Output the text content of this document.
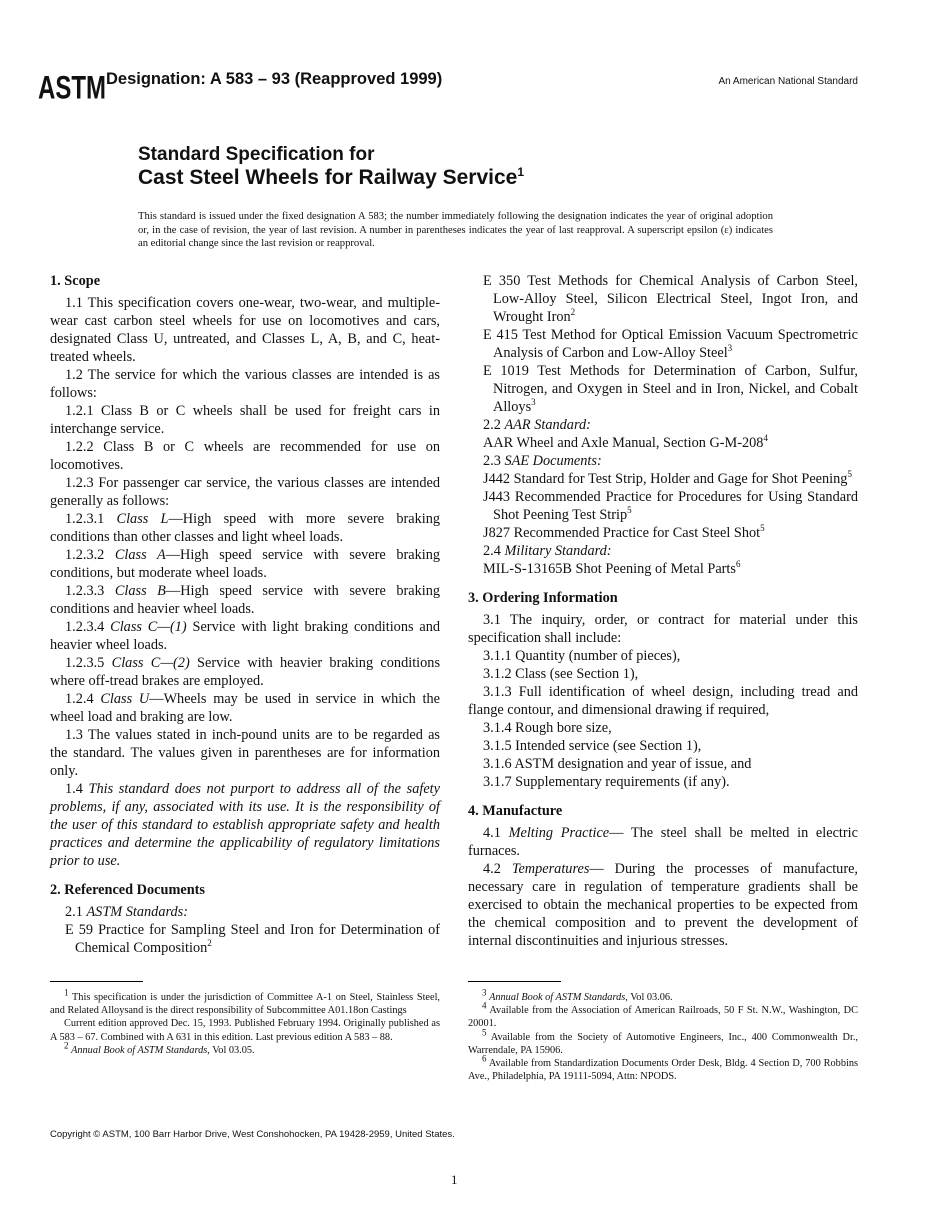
ASTM Designation: A 583 – 93 (Reapproved 1999)	An American National Standard
Standard Specification for
Cast Steel Wheels for Railway Service$^1$
This standard is issued under the fixed designation A 583; the number immediately following the designation indicates the year of original adoption or, in the case of revision, the year of last revision. A number in parentheses indicates the year of last reapproval. A superscript epsilon (ε) indicates an editorial change since the last revision or reapproval.

1. Scope

1.1 This specification covers one-wear, two-wear, and multiple-wear cast carbon steel wheels for use on locomotives and cars, designated Class U, untreated, and Classes L, A, B, and C, heat-treated wheels.

1.2 The service for which the various classes are intended is as follows:

1.2.1 Class B or C wheels shall be used for freight cars in interchange service.

1.2.2 Class B or C wheels are recommended for use on locomotives.

1.2.3 For passenger car service, the various classes are intended generally as follows:

1.2.3.1 Class L—High speed with more severe braking conditions than other classes and light wheel loads.

1.2.3.2 Class A—High speed service with severe braking conditions, but moderate wheel loads.

1.2.3.3 Class B—High speed service with severe braking conditions and heavier wheel loads.

1.2.3.4 Class C—(1) Service with light braking conditions and heavier wheel loads.

1.2.3.5 Class C—(2) Service with heavier braking conditions where off-tread brakes are employed.

1.2.4 Class U—Wheels may be used in service in which the wheel load and braking are low.

1.3 The values stated in inch-pound units are to be regarded as the standard. The values given in parentheses are for information only.

1.4 This standard does not purport to address all of the safety problems, if any, associated with its use. It is the responsibility of the user of this standard to establish appropriate safety and health practices and determine the applicability of regulatory limitations prior to use.

2. Referenced Documents

2.1 ASTM Standards:

E 59 Practice for Sampling Steel and Iron for Determination of Chemical Composition$^2$

E 350 Test Methods for Chemical Analysis of Carbon Steel, Low-Alloy Steel, Silicon Electrical Steel, Ingot Iron, and Wrought Iron$^2$

E 415 Test Method for Optical Emission Vacuum Spectrometric Analysis of Carbon and Low-Alloy Steel$^3$

E 1019 Test Methods for Determination of Carbon, Sulfur, Nitrogen, and Oxygen in Steel and in Iron, Nickel, and Cobalt Alloys$^3$

2.2 AAR Standard:

AAR Wheel and Axle Manual, Section $G-M-208^4$

2.3 SAE Documents:

J442 Standard for Test Strip, Holder and Gage for Shot Peening$^5$

J443 Recommended Practice for Procedures for Using Standard Shot Peening Test Strip$^5$

J827 Recommended Practice for Cast Steel Shot$^5$

2.4 Military Standard:

MIL-S-13165B Shot Peening of Metal Parts$^6$

3. Ordering Information

3.1 The inquiry, order, or contract for material under this specification shall include:

3.1.1 Quantity (number of pieces),

3.1.2 Class (see Section 1),

3.1.3 Full identification of wheel design, including tread and flange contour, and dimensional drawing if required,

3.1.4 Rough bore size,

3.1.5 Intended service (see Section 1),

3.1.6 ASTM designation and year of issue, and

3.1.7 Supplementary requirements (if any).

4. Manufacture

4.1 Melting Practice— The steel shall be melted in electric furnaces.

4.2 Temperatures— During the processes of manufacture, necessary care in regulation of temperature gradients shall be exercised to obtain the mechanical properties to be expected from the chemical composition and to prevent the development of internal discontinuities and injurious stresses.

$^1$ This specification is under the jurisdiction of Committee A-1 on Steel, Stainless Steel, and Related Alloysand is the direct responsibility of Subcommittee A01.18on Castings

Current edition approved Dec. 15, 1993. Published February 1994. Originally published as A 583 – 67. Combined with A 631 in this edition. Last previous edition A 583 – 88.

$^2$ Annual Book of ASTM Standards, Vol 03.05.

$^3$ Annual Book of ASTM Standards, Vol 03.06.

$^4$ Available from the Association of American Railroads, 50 F St. N.W., Washington, DC 20001.

$^5$ Available from the Society of Automotive Engineers, Inc., 400 Commonwealth Dr., Warrendale, PA 15906.

$^6$ Available from Standardization Documents Order Desk, Bldg. 4 Section D, 700 Robbins Ave., Philadelphia, PA 19111-5094, Attn: NPODS.

Copyright © ASTM, 100 Barr Harbor Drive, West Conshohocken, PA 19428-2959, United States.
1
